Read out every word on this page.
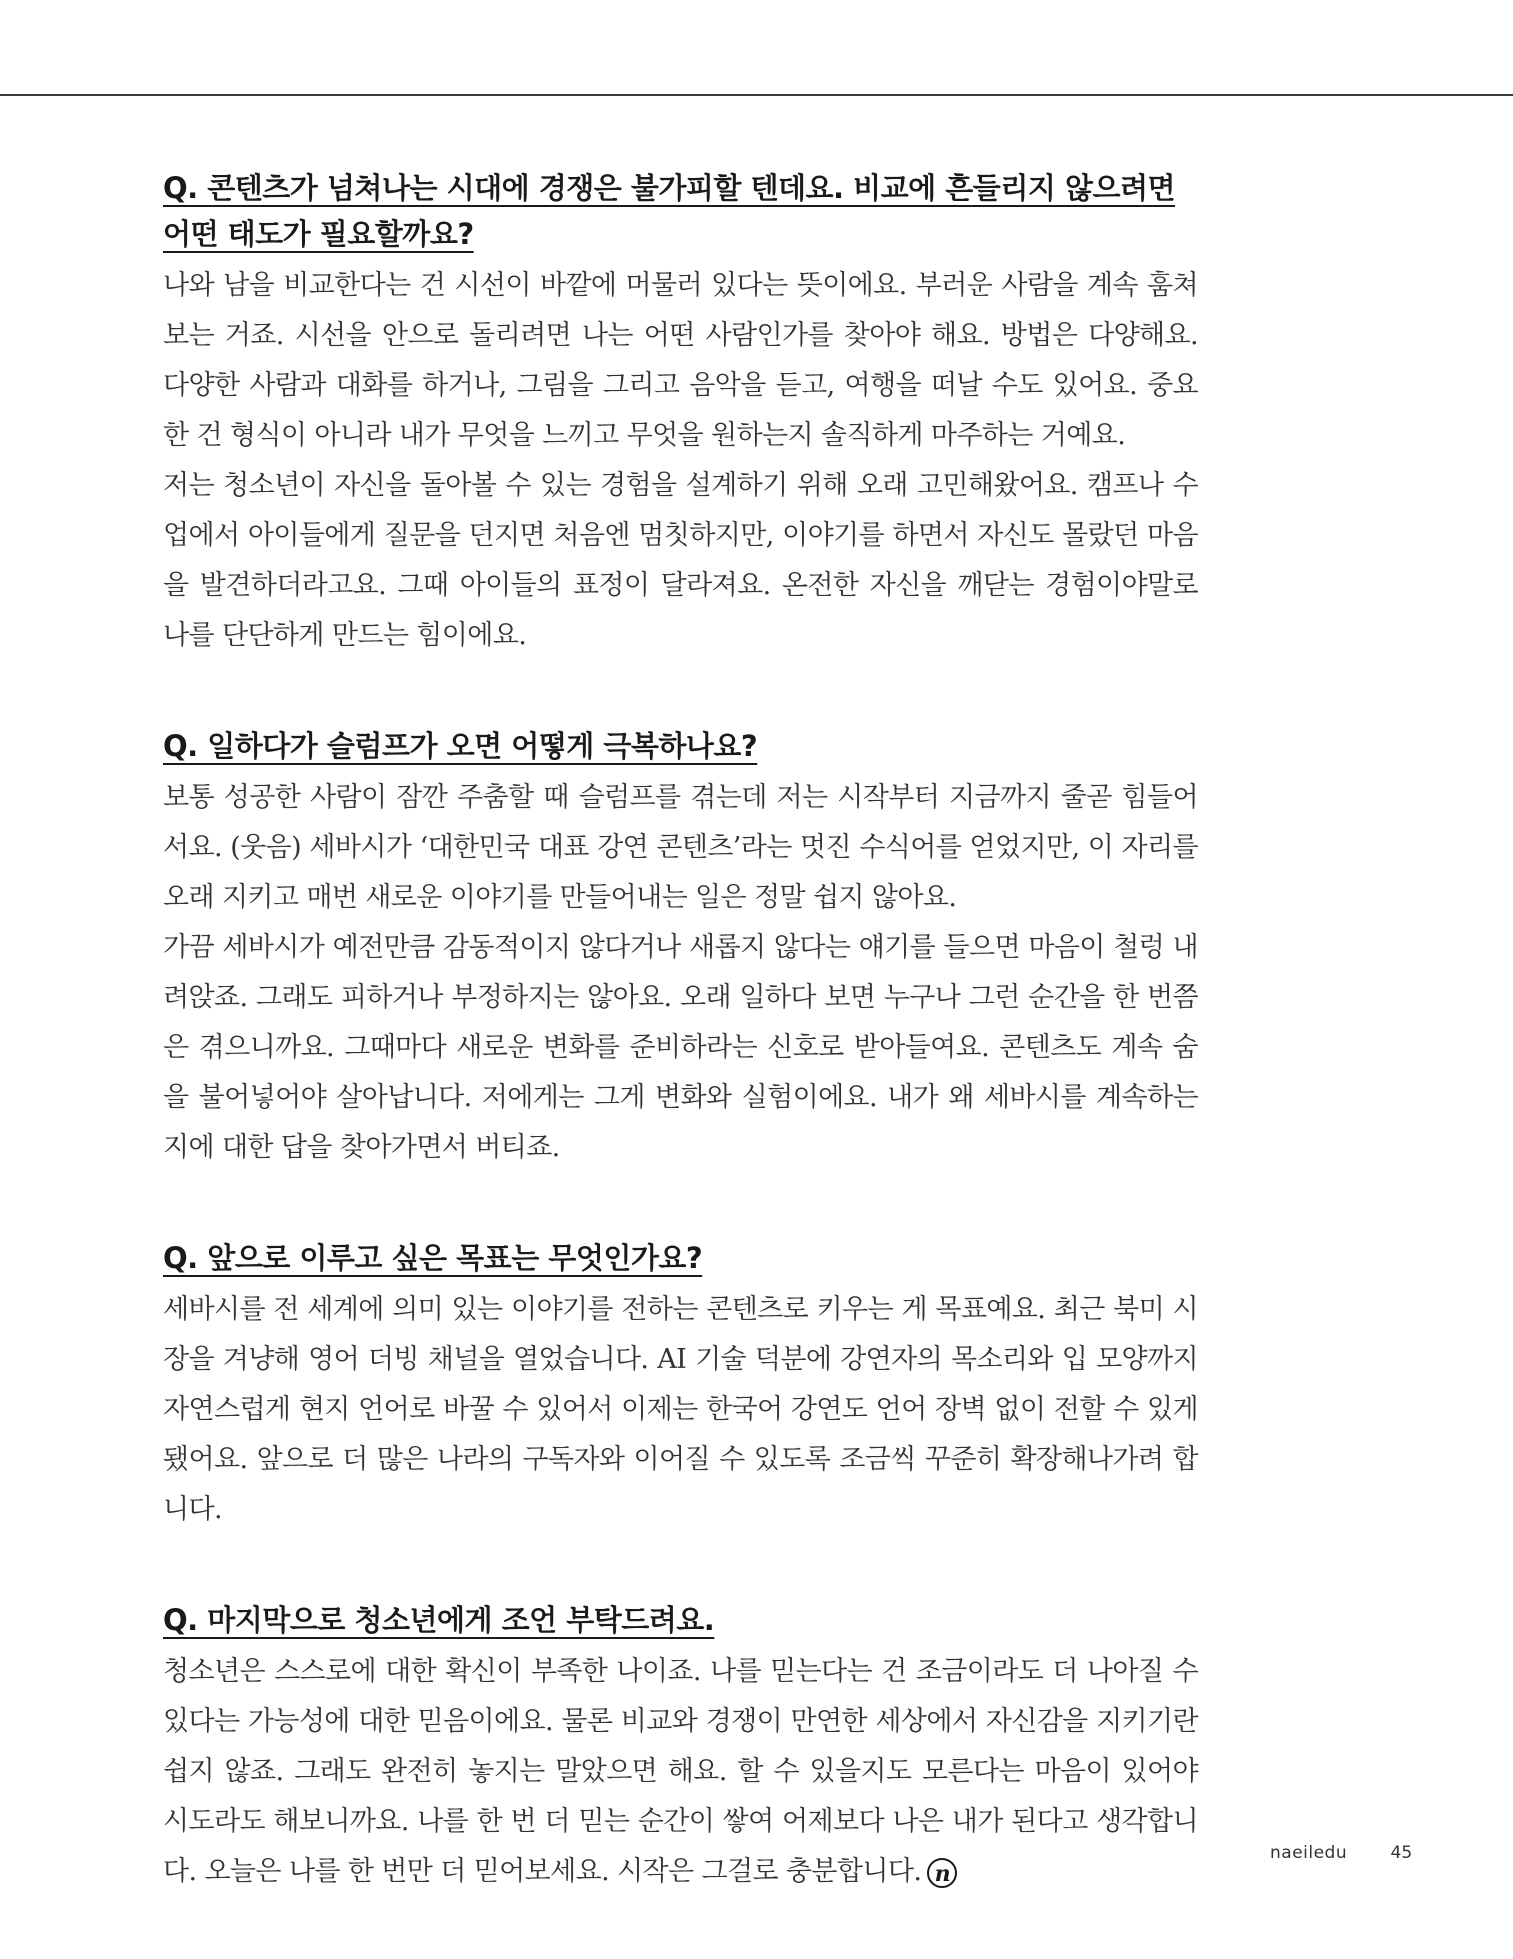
Q. 콘텐츠가 넘쳐나는 시대에 경쟁은 불가피할 텐데요. 비교에 흔들리지 않으려면 어떤 태도가 필요할까요?

나와 남을 비교한다는 건 시선이 바깥에 머물러 있다는 뜻이에요. 부러운 사람을 계속 훔쳐보는 거죠. 시선을 안으로 돌리려면 나는 어떤 사람인가를 찾아야 해요. 방법은 다양해요. 다양한 사람과 대화를 하거나, 그림을 그리고 음악을 듣고, 여행을 떠날 수도 있어요. 중요한 건 형식이 아니라 내가 무엇을 느끼고 무엇을 원하는지 솔직하게 마주하는 거예요.

저는 청소년이 자신을 돌아볼 수 있는 경험을 설계하기 위해 오래 고민해왔어요. 캠프나 수업에서 아이들에게 질문을 던지면 처음엔 멈칫하지만, 이야기를 하면서 자신도 몰랐던 마음을 발견하더라고요. 그때 아이들의 표정이 달라져요. 온전한 자신을 깨닫는 경험이야말로 나를 단단하게 만드는 힘이에요.

Q. 일하다가 슬럼프가 오면 어떻게 극복하나요?

보통 성공한 사람이 잠깐 주춤할 때 슬럼프를 겪는데 저는 시작부터 지금까지 줄곧 힘들어서요. (웃음) 세바시가 ‘대한민국 대표 강연 콘텐츠’라는 멋진 수식어를 얻었지만, 이 자리를 오래 지키고 매번 새로운 이야기를 만들어내는 일은 정말 쉽지 않아요.

가끔 세바시가 예전만큼 감동적이지 않다거나 새롭지 않다는 얘기를 들으면 마음이 철렁 내려앉죠. 그래도 피하거나 부정하지는 않아요. 오래 일하다 보면 누구나 그런 순간을 한 번쯤은 겪으니까요. 그때마다 새로운 변화를 준비하라는 신호로 받아들여요. 콘텐츠도 계속 숨을 불어넣어야 살아납니다. 저에게는 그게 변화와 실험이에요. 내가 왜 세바시를 계속하는지에 대한 답을 찾아가면서 버티죠.

Q. 앞으로 이루고 싶은 목표는 무엇인가요?

세바시를 전 세계에 의미 있는 이야기를 전하는 콘텐츠로 키우는 게 목표예요. 최근 북미 시장을 겨냥해 영어 더빙 채널을 열었습니다. AI 기술 덕분에 강연자의 목소리와 입 모양까지 자연스럽게 현지 언어로 바꿀 수 있어서 이제는 한국어 강연도 언어 장벽 없이 전할 수 있게 됐어요. 앞으로 더 많은 나라의 구독자와 이어질 수 있도록 조금씩 꾸준히 확장해나가려 합니다.

Q. 마지막으로 청소년에게 조언 부탁드려요.

청소년은 스스로에 대한 확신이 부족한 나이죠. 나를 믿는다는 건 조금이라도 더 나아질 수 있다는 가능성에 대한 믿음이에요. 물론 비교와 경쟁이 만연한 세상에서 자신감을 지키기란 쉽지 않죠. 그래도 완전히 놓지는 말았으면 해요. 할 수 있을지도 모른다는 마음이 있어야 시도라도 해보니까요. 나를 한 번 더 믿는 순간이 쌓여 어제보다 나은 내가 된다고 생각합니다. 오늘은 나를 한 번만 더 믿어보세요. 시작은 그걸로 충분합니다. n

naeiledu	45
